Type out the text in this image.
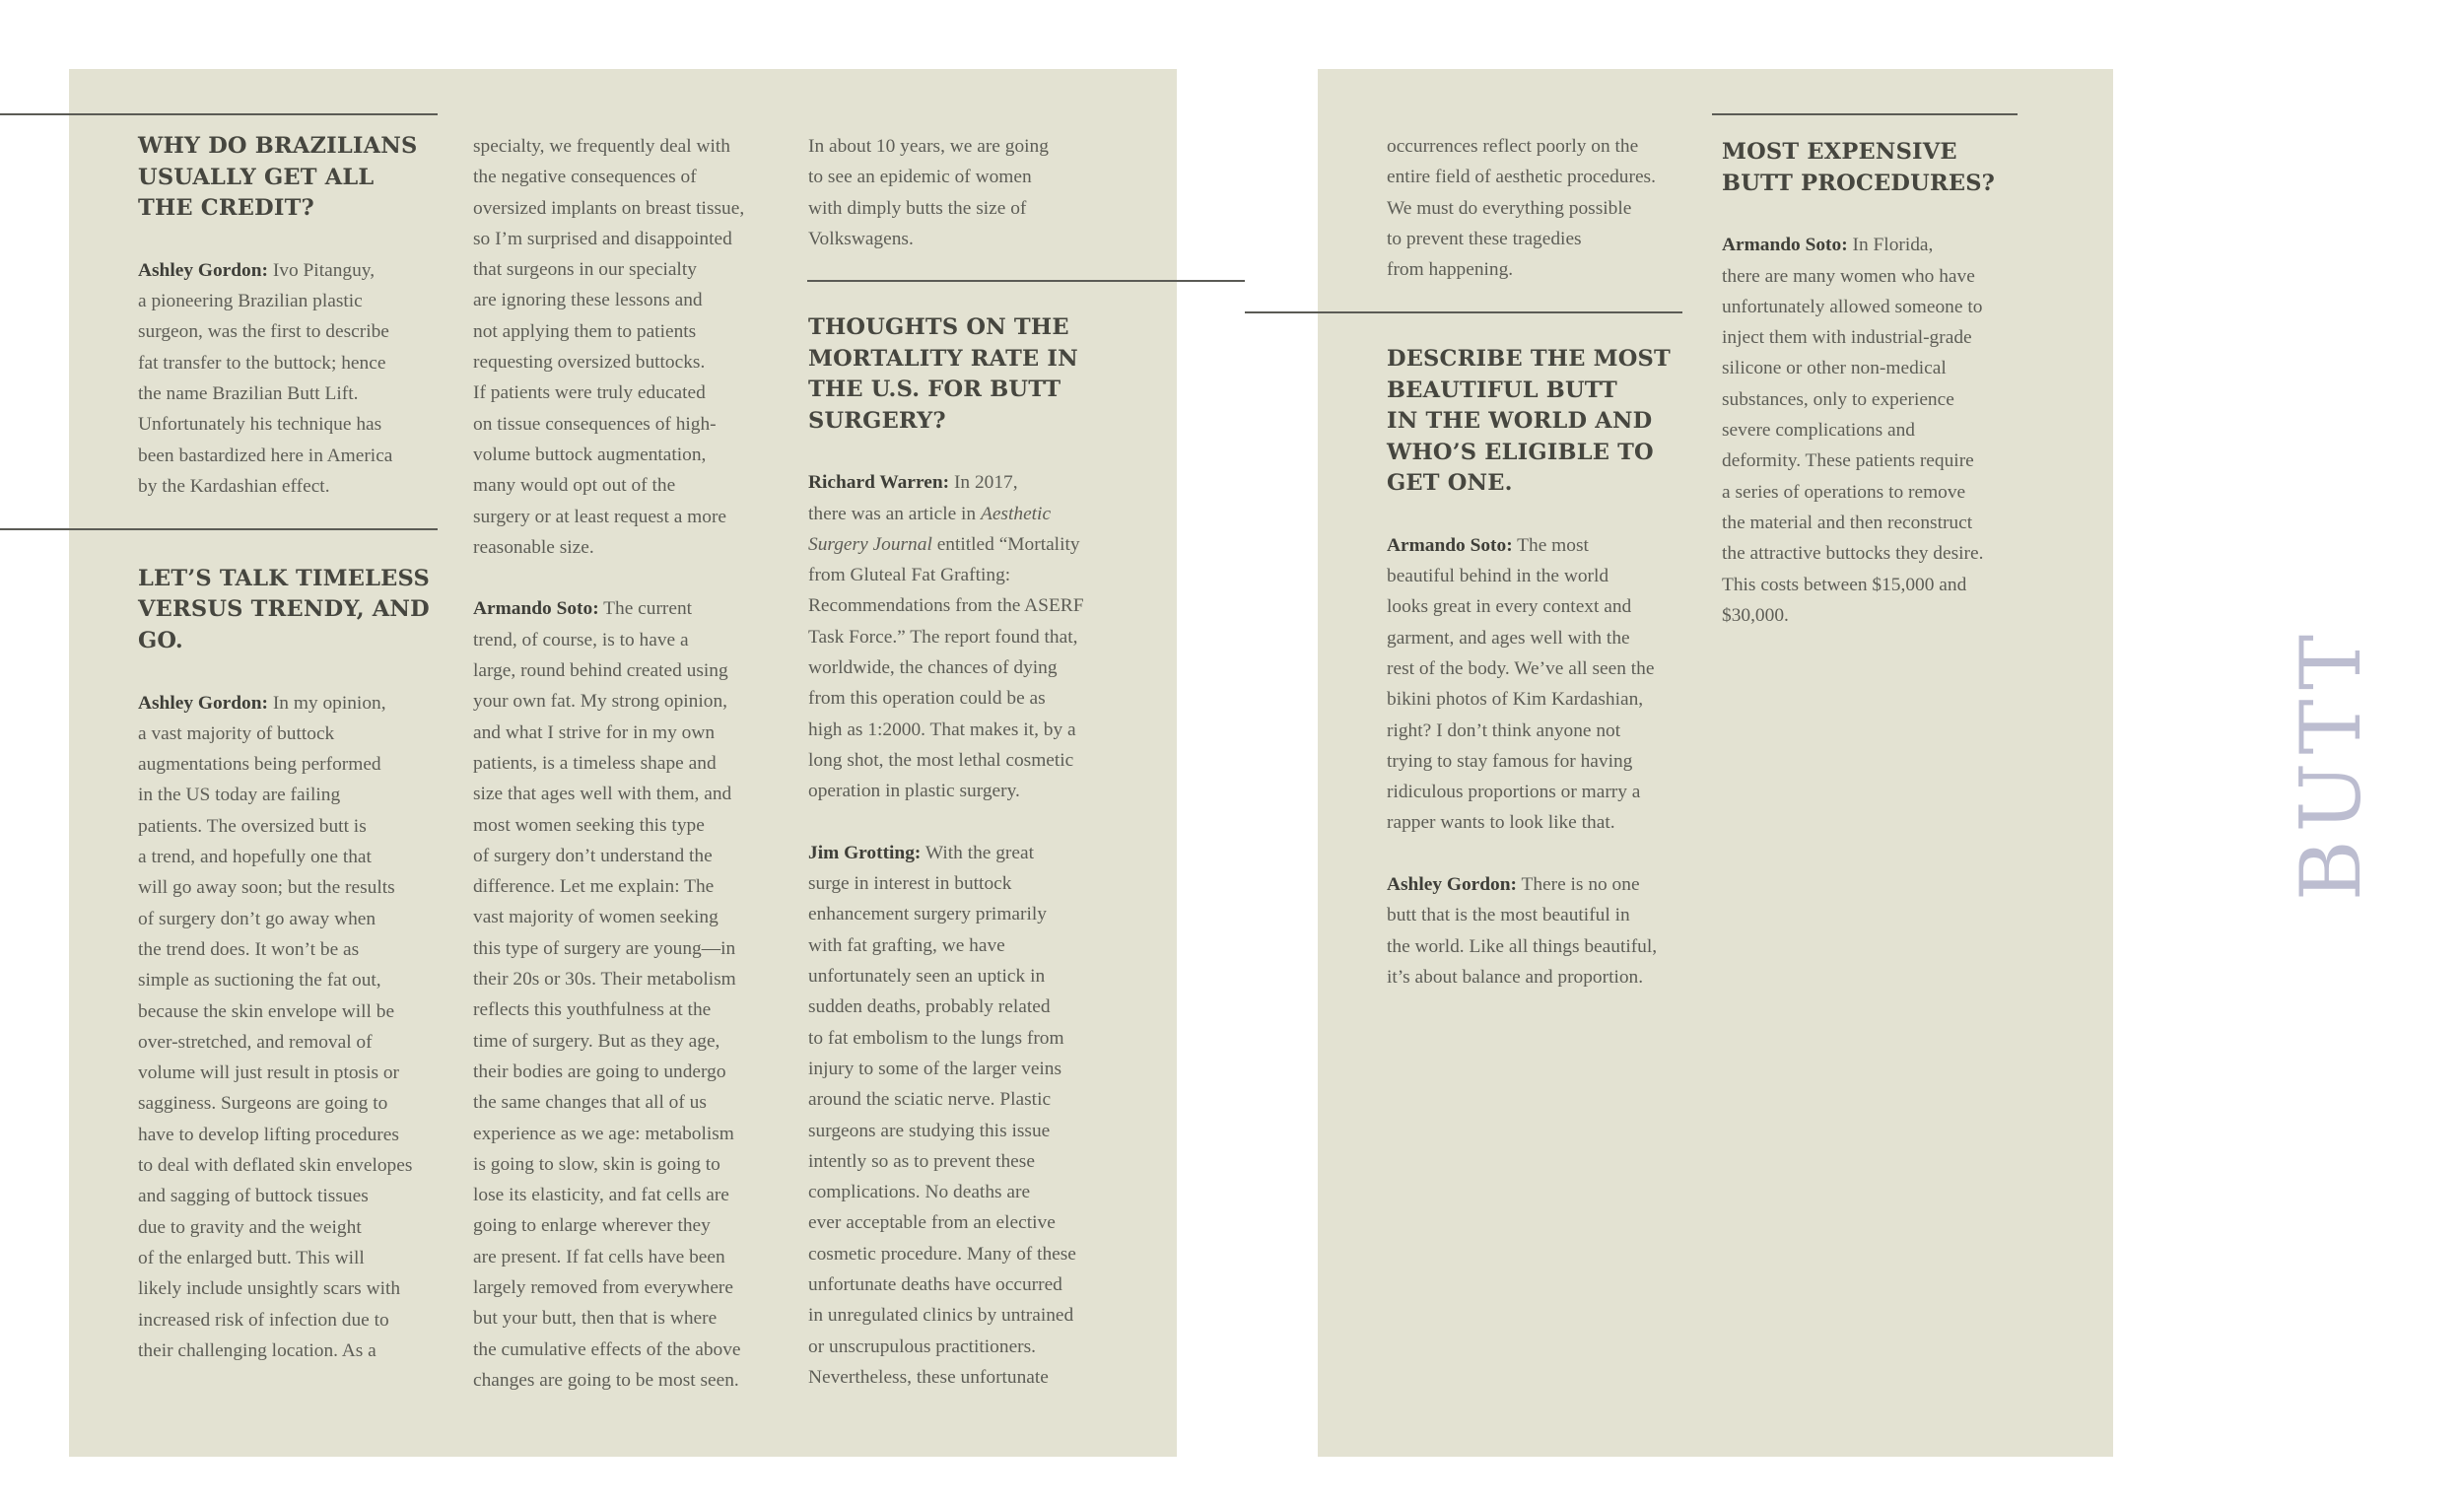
WHY DO BRAZILIANS
USUALLY GET ALL
THE CREDIT?
Ashley Gordon: Ivo Pitanguy,
a pioneering Brazilian plastic
surgeon, was the first to describe
fat transfer to the buttock; hence
the name Brazilian Butt Lift.
Unfortunately his technique has
been bastardized here in America
by the Kardashian effect.
LET’S TALK TIMELESS
VERSUS TRENDY, AND
GO.
Ashley Gordon: In my opinion,
a vast majority of buttock
augmentations being performed
in the US today are failing
patients. The oversized butt is
a trend, and hopefully one that
will go away soon; but the results
of surgery don’t go away when
the trend does. It won’t be as
simple as suctioning the fat out,
because the skin envelope will be
over-stretched, and removal of
volume will just result in ptosis or
sagginess. Surgeons are going to
have to develop lifting procedures
to deal with deflated skin envelopes
and sagging of buttock tissues
due to gravity and the weight
of the enlarged butt. This will
likely include unsightly scars with
increased risk of infection due to
their challenging location. As a
specialty, we frequently deal with
the negative consequences of
oversized implants on breast tissue,
so I’m surprised and disappointed
that surgeons in our specialty
are ignoring these lessons and
not applying them to patients
requesting oversized buttocks.
If patients were truly educated
on tissue consequences of high-
volume buttock augmentation,
many would opt out of the
surgery or at least request a more
reasonable size.
Armando Soto: The current
trend, of course, is to have a
large, round behind created using
your own fat. My strong opinion,
and what I strive for in my own
patients, is a timeless shape and
size that ages well with them, and
most women seeking this type
of surgery don’t understand the
difference. Let me explain: The
vast majority of women seeking
this type of surgery are young—in
their 20s or 30s. Their metabolism
reflects this youthfulness at the
time of surgery. But as they age,
their bodies are going to undergo
the same changes that all of us
experience as we age: metabolism
is going to slow, skin is going to
lose its elasticity, and fat cells are
going to enlarge wherever they
are present. If fat cells have been
largely removed from everywhere
but your butt, then that is where
the cumulative effects of the above
changes are going to be most seen.
In about 10 years, we are going
to see an epidemic of women
with dimply butts the size of
Volkswagens.
THOUGHTS ON THE
MORTALITY RATE IN
THE U.S. FOR BUTT
SURGERY?
Richard Warren: In 2017,
there was an article in Aesthetic
Surgery Journal entitled “Mortality
from Gluteal Fat Grafting:
Recommendations from the ASERF
Task Force.” The report found that,
worldwide, the chances of dying
from this operation could be as
high as 1:2000. That makes it, by a
long shot, the most lethal cosmetic
operation in plastic surgery.
Jim Grotting: With the great
surge in interest in buttock
enhancement surgery primarily
with fat grafting, we have
unfortunately seen an uptick in
sudden deaths, probably related
to fat embolism to the lungs from
injury to some of the larger veins
around the sciatic nerve. Plastic
surgeons are studying this issue
intently so as to prevent these
complications. No deaths are
ever acceptable from an elective
cosmetic procedure. Many of these
unfortunate deaths have occurred
in unregulated clinics by untrained
or unscrupulous practitioners.
Nevertheless, these unfortunate
occurrences reflect poorly on the
entire field of aesthetic procedures.
We must do everything possible
to prevent these tragedies
from happening.
DESCRIBE THE MOST
BEAUTIFUL BUTT
IN THE WORLD AND
WHO’S ELIGIBLE TO
GET ONE.
Armando Soto: The most
beautiful behind in the world
looks great in every context and
garment, and ages well with the
rest of the body. We’ve all seen the
bikini photos of Kim Kardashian,
right? I don’t think anyone not
trying to stay famous for having
ridiculous proportions or marry a
rapper wants to look like that.
Ashley Gordon: There is no one
butt that is the most beautiful in
the world. Like all things beautiful,
it’s about balance and proportion.
MOST EXPENSIVE
BUTT PROCEDURES?
Armando Soto: In Florida,
there are many women who have
unfortunately allowed someone to
inject them with industrial-grade
silicone or other non-medical
substances, only to experience
severe complications and
deformity. These patients require
a series of operations to remove
the material and then reconstruct
the attractive buttocks they desire.
This costs between $15,000 and
$30,000.
BUTT
